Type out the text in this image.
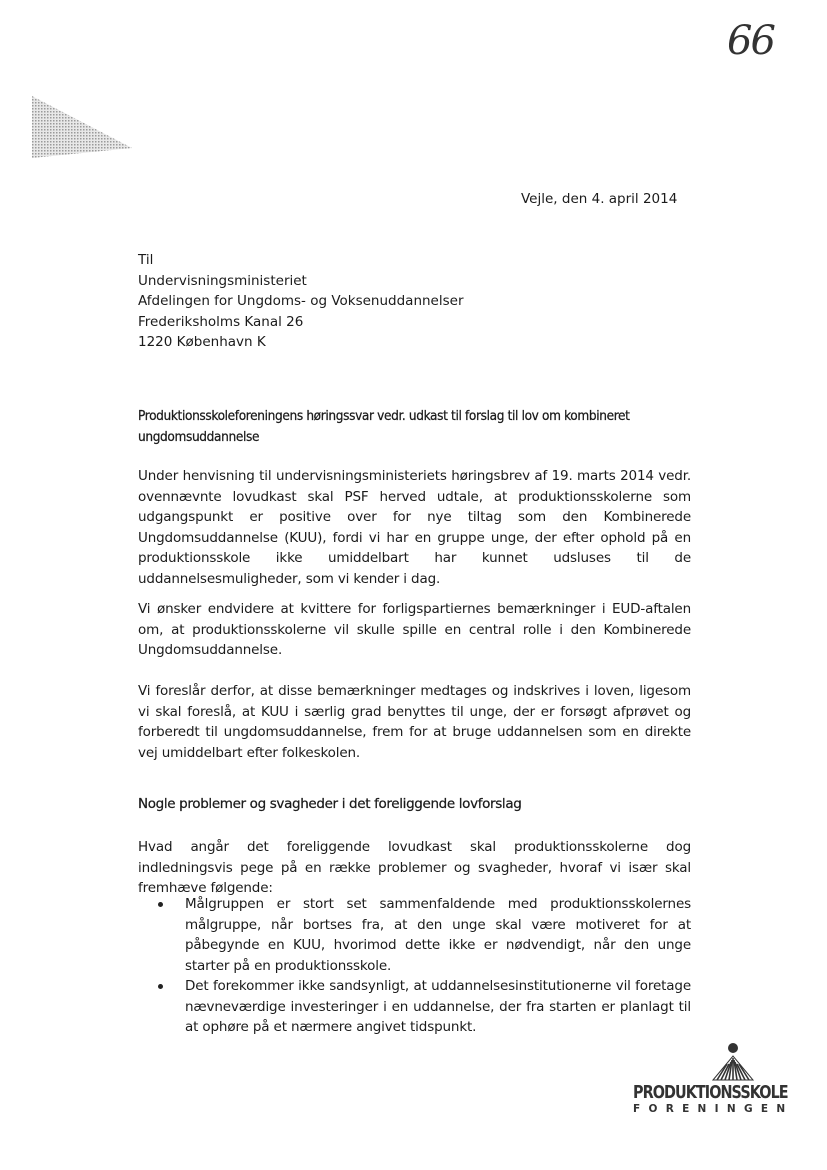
66
Vejle, den 4. april 2014
Til
Undervisningsministeriet
Afdelingen for Ungdoms- og Voksenuddannelser
Frederiksholms Kanal 26
1220 København K
Produktionsskoleforeningens høringssvar vedr. udkast til forslag til lov om kombineret ungdomsuddannelse

Under henvisning til undervisningsministeriets høringsbrev af 19. marts 2014 vedr. ovennævnte lovudkast skal PSF herved udtale, at produktionsskolerne som udgangspunkt er positive over for nye tiltag som den Kombinerede Ungdomsuddannelse (KUU), fordi vi har en gruppe unge, der efter ophold på en produktionsskole ikke umiddelbart har kunnet udsluses til de uddannelsesmuligheder, som vi kender i dag.

Vi ønsker endvidere at kvittere for forligspartiernes bemærkninger i EUD-aftalen om, at produktionsskolerne vil skulle spille en central rolle i den Kombinerede Ungdomsuddannelse.

Vi foreslår derfor, at disse bemærkninger medtages og indskrives i loven, ligesom vi skal foreslå, at KUU i særlig grad benyttes til unge, der er forsøgt afprøvet og forberedt til ungdomsuddannelse, frem for at bruge uddannelsen som en direkte vej umiddelbart efter folkeskolen.

Nogle problemer og svagheder i det foreliggende lovforslag

Hvad angår det foreliggende lovudkast skal produktionsskolerne dog indledningsvis pege på en række problemer og svagheder, hvoraf vi især skal fremhæve følgende:

Målgruppen er stort set sammenfaldende med produktionsskolernes målgruppe, når bortses fra, at den unge skal være motiveret for at påbegynde en KUU, hvorimod dette ikke er nødvendigt, når den unge starter på en produktionsskole.
Det forekommer ikke sandsynligt, at uddannelsesinstitutionerne vil foretage nævneværdige investeringer i en uddannelse, der fra starten er planlagt til at ophøre på et nærmere angivet tidspunkt.
PRODUKTIONSSKOLE
FORENINGEN
